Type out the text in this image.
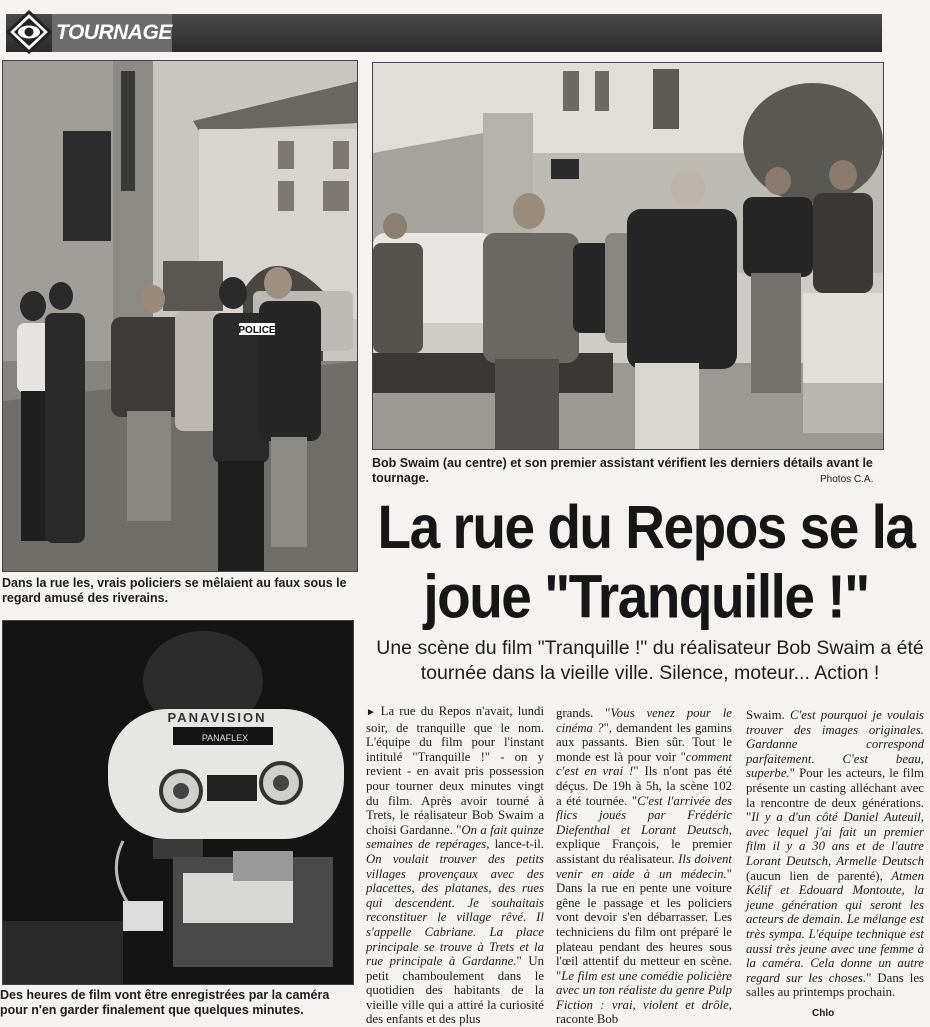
TOURNAGE
POLICE
PANAVISION
PANAFLEX
Dans la rue les, vrais policiers se mêlaient au faux sous le regard amusé des riverains.
Bob Swaim (au centre) et son premier assistant vérifient les derniers détails avant le tournage.	Photos C.A.
Des heures de film vont être enregistrées par la caméra pour n'en garder finalement que quelques minutes.
La rue du Repos se la joue "Tranquille !"
Une scène du film "Tranquille !" du réalisateur Bob Swaim a été tournée dans la vieille ville. Silence, moteur... Action !
► La rue du Repos n'avait, lundi soir, de tranquille que le nom. L'équipe du film pour l'instant intitulé "Tranquille !" - on y revient - en avait pris possession pour tourner deux minutes vingt du film. Après avoir tourné à Trets, le réalisateur Bob Swaim a choisi Gardanne. "On a fait quinze semaines de repérages, lance-t-il. On voulait trouver des petits villages provençaux avec des placettes, des platanes, des rues qui descendent. Je souhaitais reconstituer le village rêvé. Il s'appelle Cabriane. La place principale se trouve à Trets et la rue principale à Gardanne." Un petit chamboulement dans le quotidien des habitants de la vieille ville qui a attiré la curiosité des enfants et des plus
grands. "Vous venez pour le cinéma ?", demandent les gamins aux passants. Bien sûr. Tout le monde est là pour voir "comment c'est en vrai !" Ils n'ont pas été déçus. De 19h à 5h, la scène 102 a été tournée. "C'est l'arrivée des flics joués par Frédéric Diefenthal et Lorant Deutsch, explique François, le premier assistant du réalisateur. Ils doivent venir en aide à un médecin." Dans la rue en pente une voiture gêne le passage et les policiers vont devoir s'en débarrasser. Les techniciens du film ont préparé le plateau pendant des heures sous l'œil attentif du metteur en scène. "Le film est une comédie policière avec un ton réaliste du genre Pulp Fiction : vrai, violent et drôle, raconte Bob
Swaim. C'est pourquoi je voulais trouver des images originales. Gardanne correspond parfaitement. C'est beau, superbe." Pour les acteurs, le film présente un casting alléchant avec la rencontre de deux générations. "Il y a d'un côté Daniel Auteuil, avec lequel j'ai fait un premier film il y a 30 ans et de l'autre Lorant Deutsch, Armelle Deutsch (aucun lien de parenté), Atmen Kélif et Edouard Montoute, la jeune génération qui seront les acteurs de demain. Le mélange est très sympa. L'équipe technique est aussi très jeune avec une femme à la caméra. Cela donne un autre regard sur les choses." Dans les salles au printemps prochain.
Chlo
